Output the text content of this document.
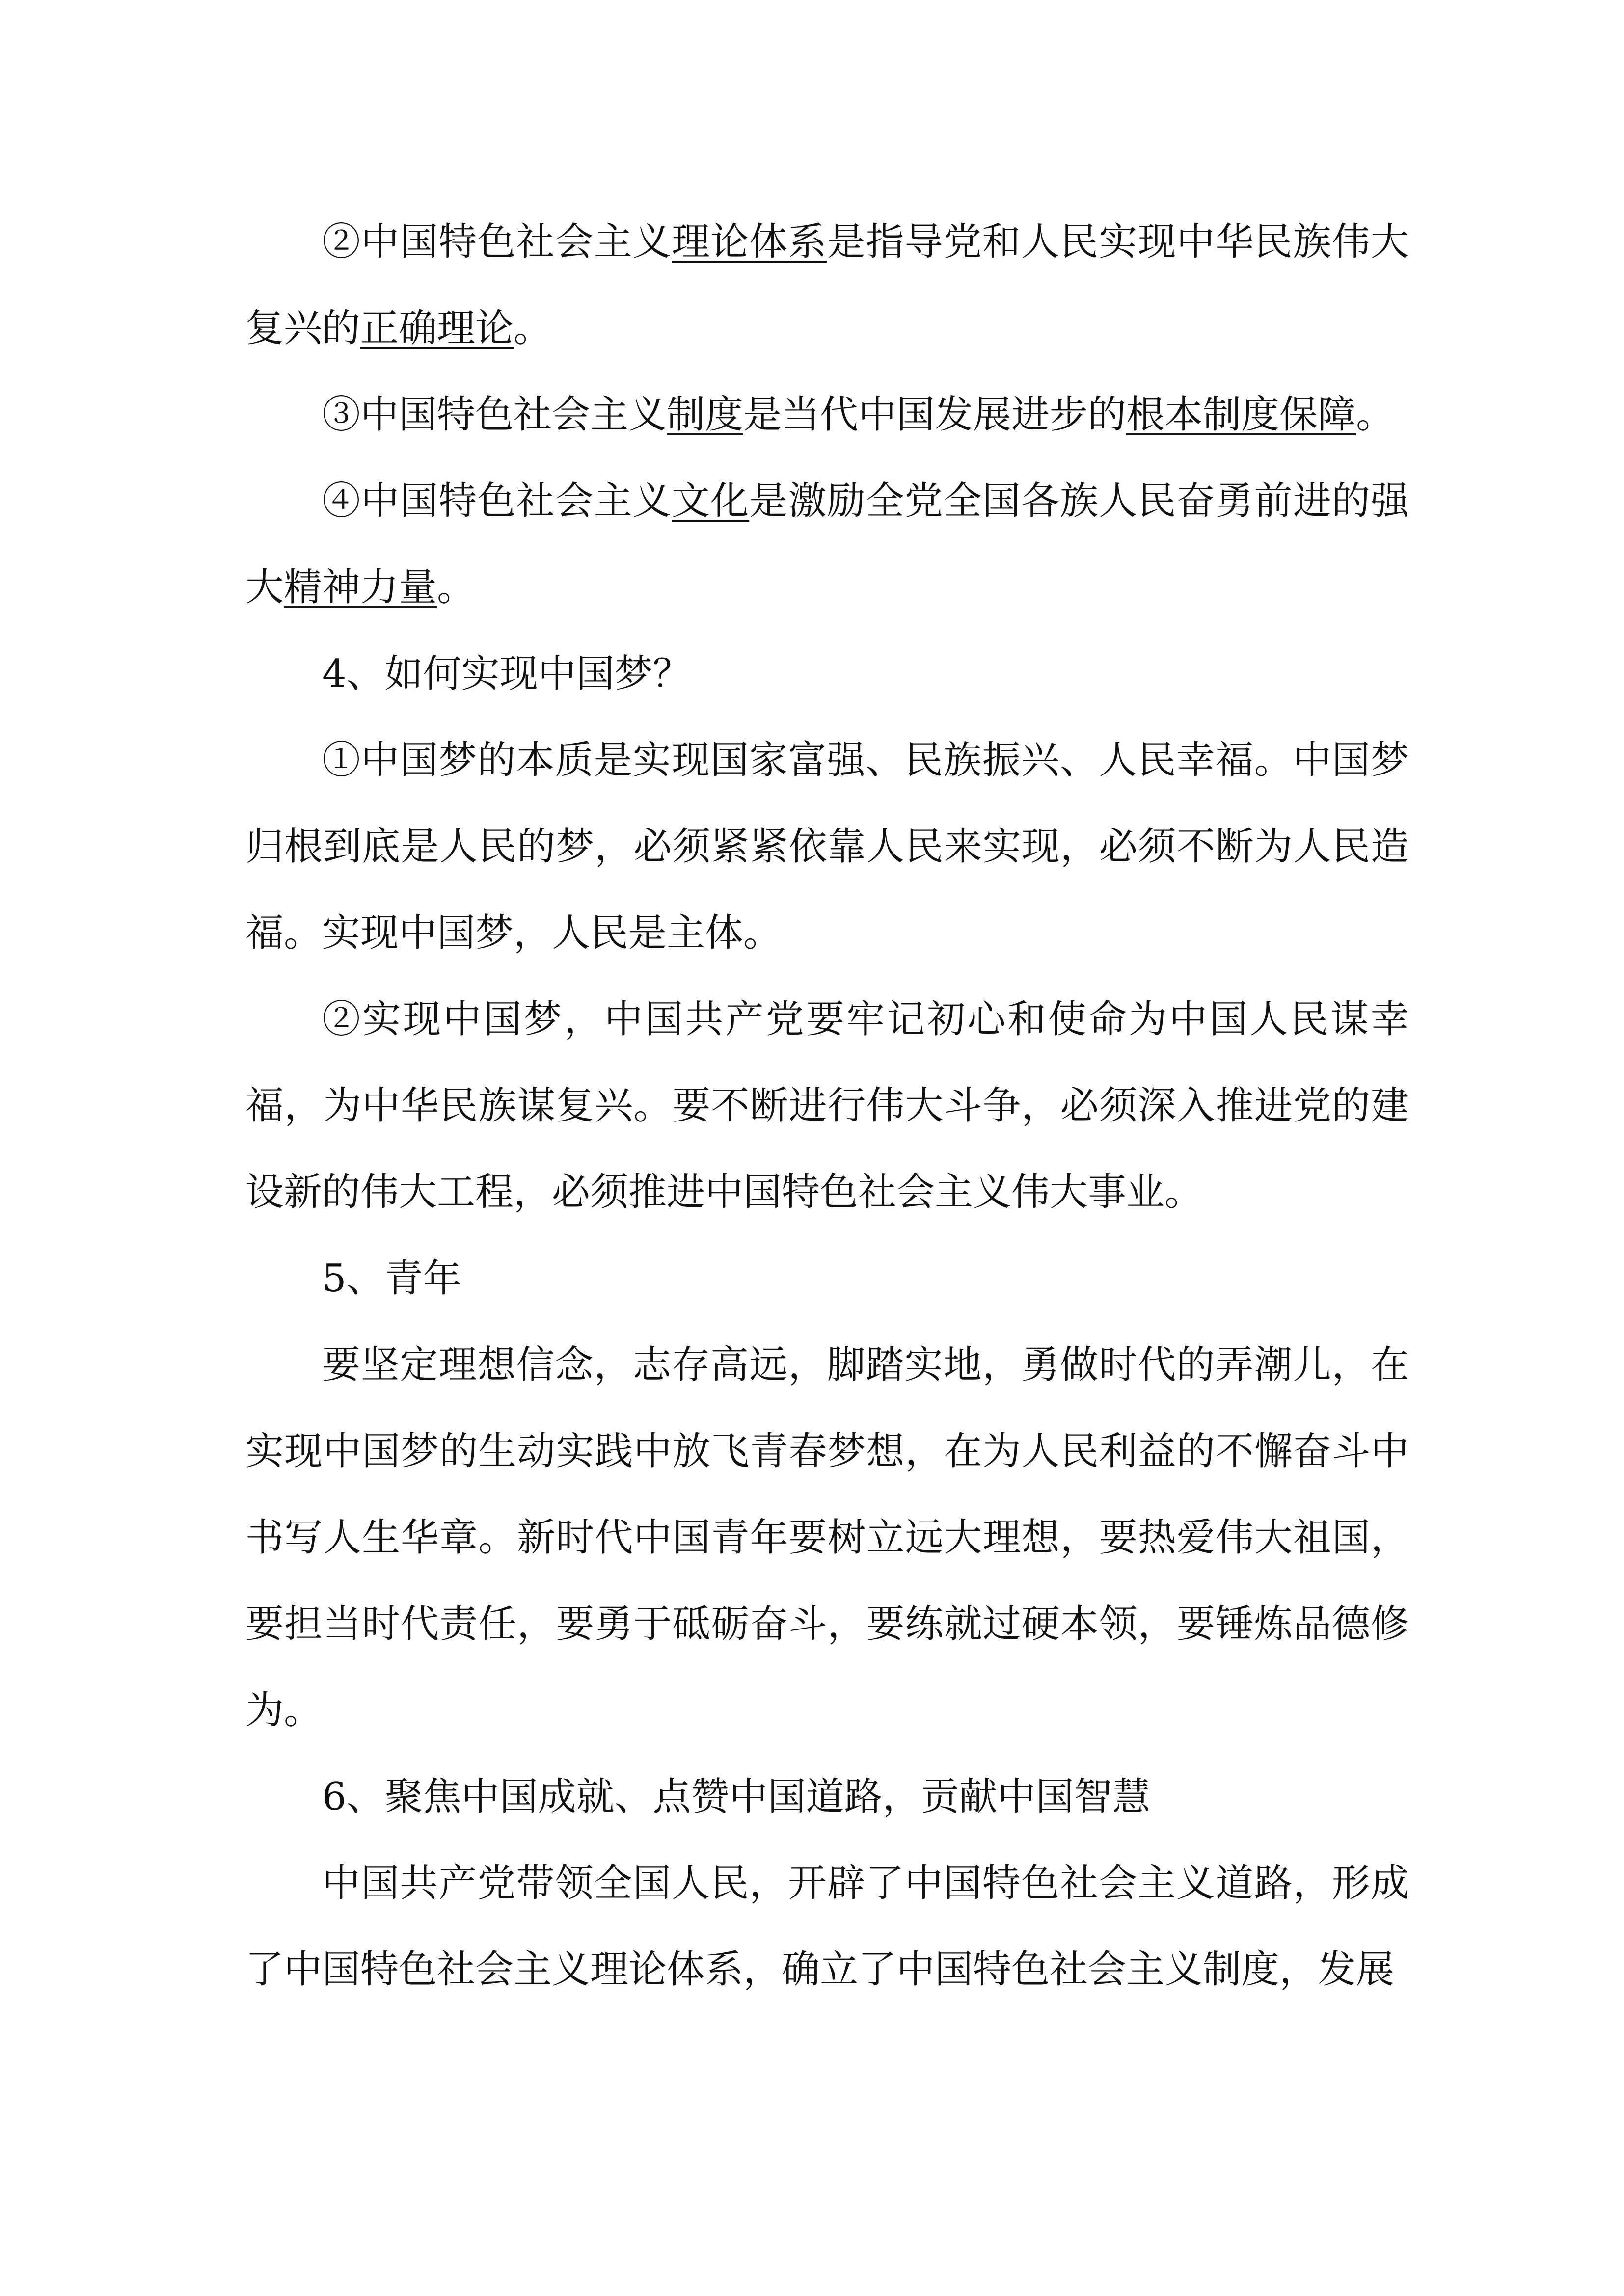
②中国特色社会主义理论体系是指导党和人民实现中华民族伟大复兴的正确理论。

③中国特色社会主义制度是当代中国发展进步的根本制度保障。

④中国特色社会主义文化是激励全党全国各族人民奋勇前进的强大精神力量。

4、如何实现中国梦？

①中国梦的本质是实现国家富强、民族振兴、人民幸福。中国梦归根到底是人民的梦，必须紧紧依靠人民来实现，必须不断为人民造福。实现中国梦，人民是主体。

②实现中国梦，中国共产党要牢记初心和使命为中国人民谋幸福，为中华民族谋复兴。要不断进行伟大斗争，必须深入推进党的建设新的伟大工程，必须推进中国特色社会主义伟大事业。

5、青年

要坚定理想信念，志存高远，脚踏实地，勇做时代的弄潮儿，在实现中国梦的生动实践中放飞青春梦想，在为人民利益的不懈奋斗中书写人生华章。新时代中国青年要树立远大理想，要热爱伟大祖国，要担当时代责任，要勇于砥砺奋斗，要练就过硬本领，要锤炼品德修为。

6、聚焦中国成就、点赞中国道路，贡献中国智慧

中国共产党带领全国人民，开辟了中国特色社会主义道路，形成了中国特色社会主义理论体系，确立了中国特色社会主义制度，发展
